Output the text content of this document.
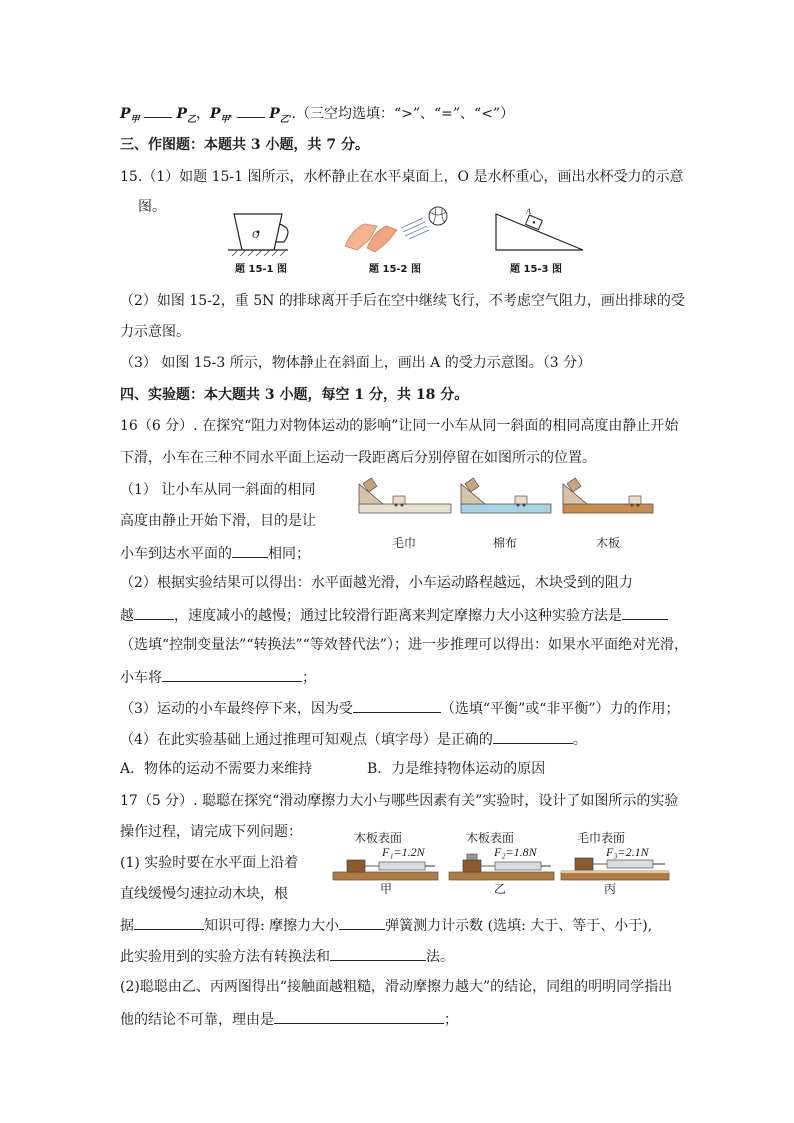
$P_甲$	$P_乙$，$P_{甲'}$	$P_{乙'}$.（三空均选填：“>”、“=”、“<”）
三、作图题：本题共 3 小题，共 7 分。
15.（1）如题 15-1 图所示，水杯静止在水平桌面上，O 是水杯重心，画出水杯受力的示意
图。
O
题 15-1 图	题 15-2 图
A
题 15-3 图
（2）如图 15-2，重 5N 的排球离开手后在空中继续飞行，不考虑空气阻力，画出排球的受
力示意图。
（3） 如图 15-3 所示，物体静止在斜面上，画出 A 的受力示意图。（3 分）
四、实验题：本大题共 3 小题，每空 1 分，共 18 分。
16（6 分）. 在探究“阻力对物体运动的影响”让同一小车从同一斜面的相同高度由静止开始
下滑，小车在三种不同水平面上运动一段距离后分别停留在如图所示的位置。
（1） 让小车从同一斜面的相同
高度由静止开始下滑，目的是让
小车到达水平面的	相同；
毛巾	棉布	木板
（2）根据实验结果可以得出：水平面越光滑，小车运动路程越远，木块受到的阻力
越	，速度减小的越慢；通过比较滑行距离来判定摩擦力大小这种实验方法是
（选填“控制变量法”“转换法”“等效替代法”）；进一步推理可以得出：如果水平面绝对光滑，
小车将	；
（3）运动的小车最终停下来，因为受	（选填“平衡”或“非平衡”）力的作用；
（4）在此实验基础上通过推理可知观点（填字母）是正确的	。
A．物体的运动不需要力来维持	B．力是维持物体运动的原因
17（5 分）. 聪聪在探究“滑动摩擦力大小与哪些因素有关”实验时，设计了如图所示的实验
操作过程，请完成下列问题：
(1) 实验时要在水平面上沿着
直线缓慢匀速拉动木块，根
木板表面	木板表面	毛巾表面
F₁=1.2N	F₂=1.8N	F₃=2.1N
甲	乙	丙
据	知识可得: 摩擦力大小	弹簧测力计示数 (选填: 大于、等于、小于),
此实验用到的实验方法有转换法和	法。
(2)聪聪由乙、丙两图得出“接触面越粗糙，滑动摩擦力越大”的结论，同组的明明同学指出
他的结论不可靠，理由是	；
